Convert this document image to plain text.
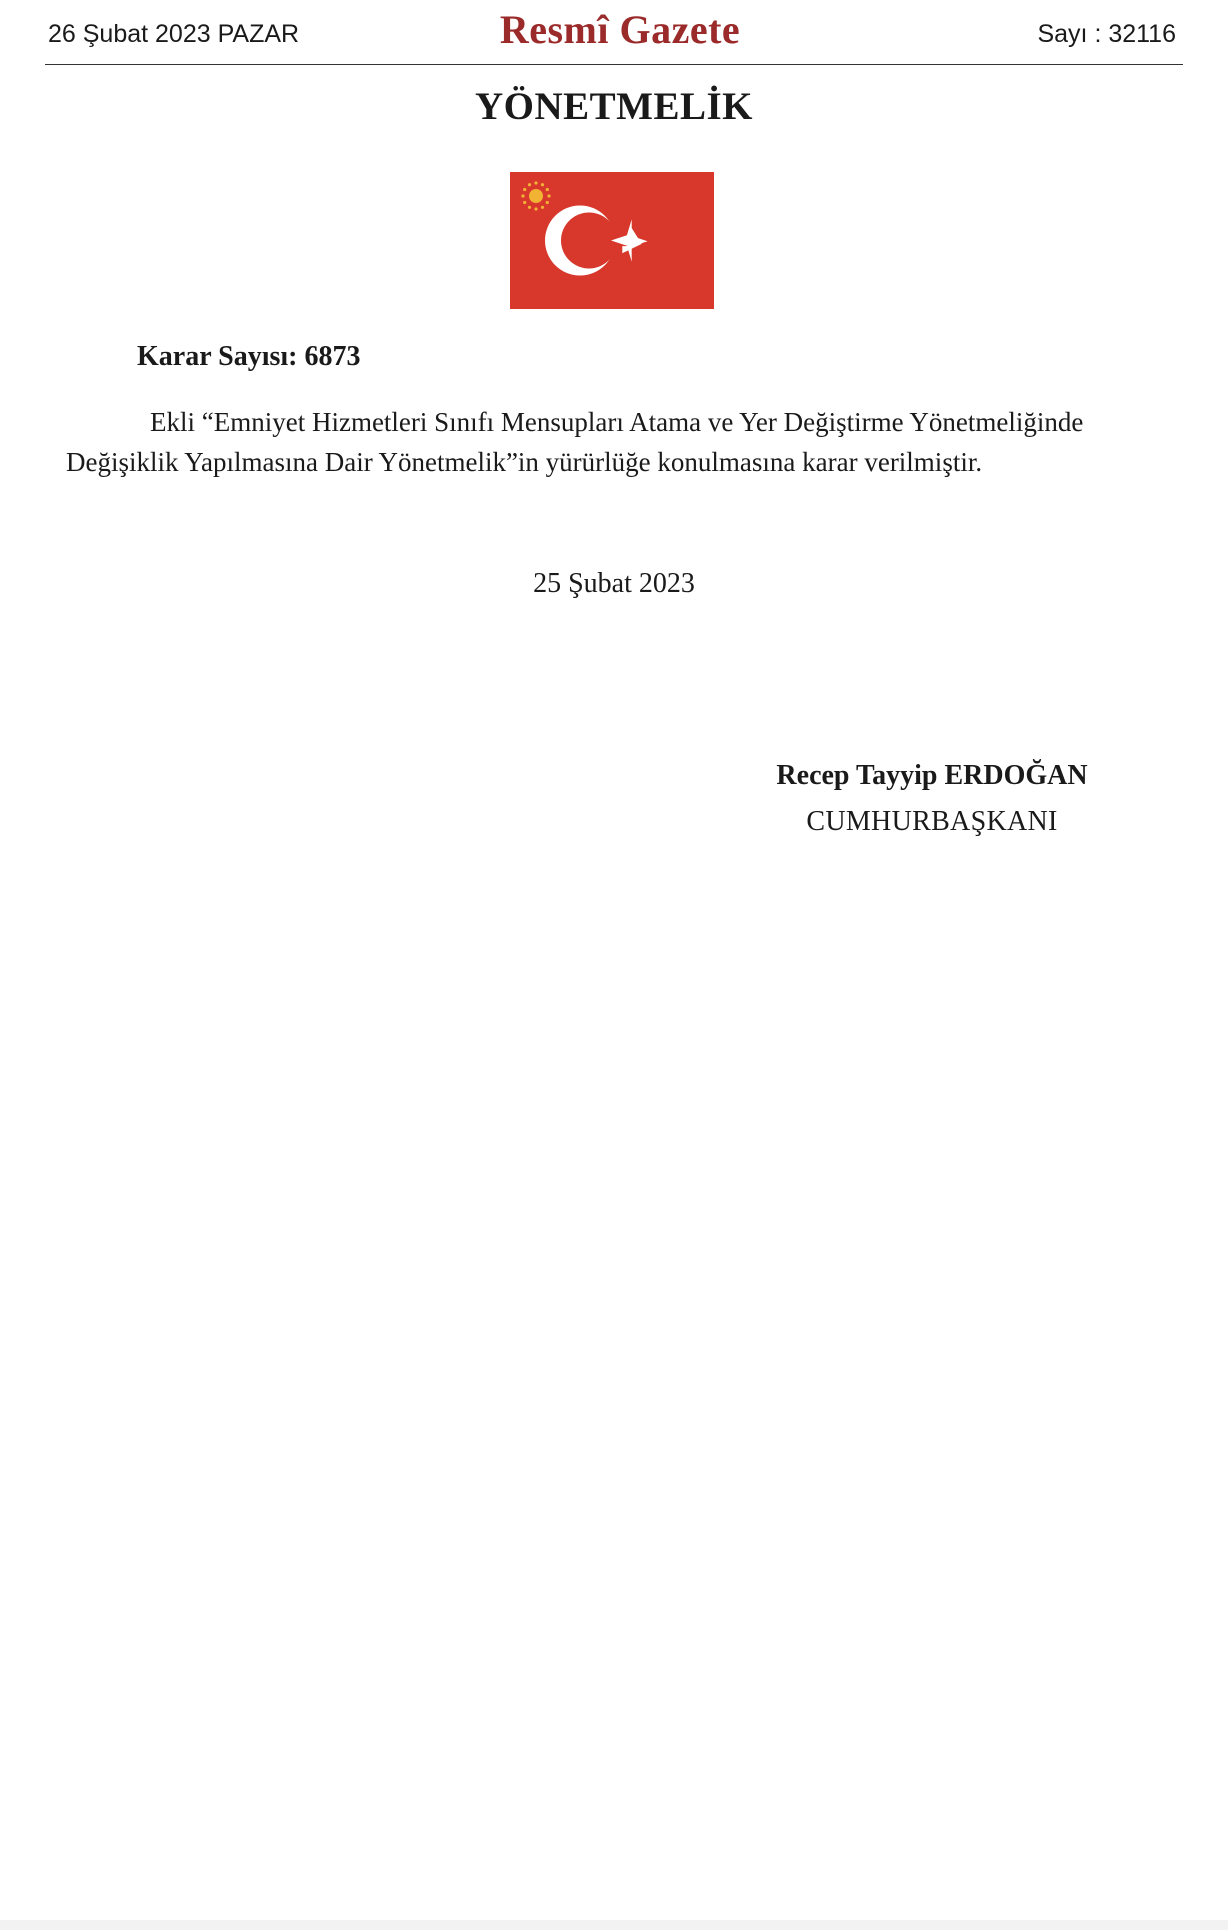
26 Şubat 2023 PAZAR	Resmî Gazete	Sayı : 32116
YÖNETMELİK
Karar Sayısı: 6873
Ekli “Emniyet Hizmetleri Sınıfı Mensupları Atama ve Yer Değiştirme Yönetmeliğinde
Değişiklik Yapılmasına Dair Yönetmelik”in yürürlüğe konulmasına karar verilmiştir.
25 Şubat 2023
Recep Tayyip ERDOĞAN
CUMHURBAŞKANI
